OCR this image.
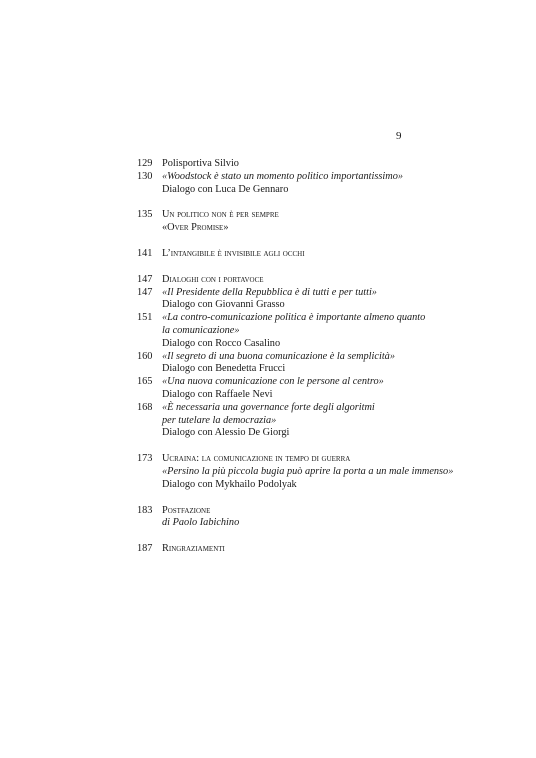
9
129 Polisportiva Silvio
130 «Woodstock è stato un momento politico importantissimo»
Dialogo con Luca De Gennaro
135 Un politico non è per sempre
«Over Promise»
141 L’intangibile è invisibile agli occhi
147 Dialoghi con i portavoce
147 «Il Presidente della Repubblica è di tutti e per tutti»
Dialogo con Giovanni Grasso
151 «La contro-comunicazione politica è importante almeno quanto
la comunicazione»
Dialogo con Rocco Casalino
160 «Il segreto di una buona comunicazione è la semplicità»
Dialogo con Benedetta Frucci
165 «Una nuova comunicazione con le persone al centro»
Dialogo con Raffaele Nevi
168 «È necessaria una governance forte degli algoritmi
per tutelare la democrazia»
Dialogo con Alessio De Giorgi
173 Ucraina: la comunicazione in tempo di guerra
«Persino la più piccola bugia può aprire la porta a un male immenso»
Dialogo con Mykhailo Podolyak
183 Postfazione
di Paolo Iabichino
187 Ringraziamenti
